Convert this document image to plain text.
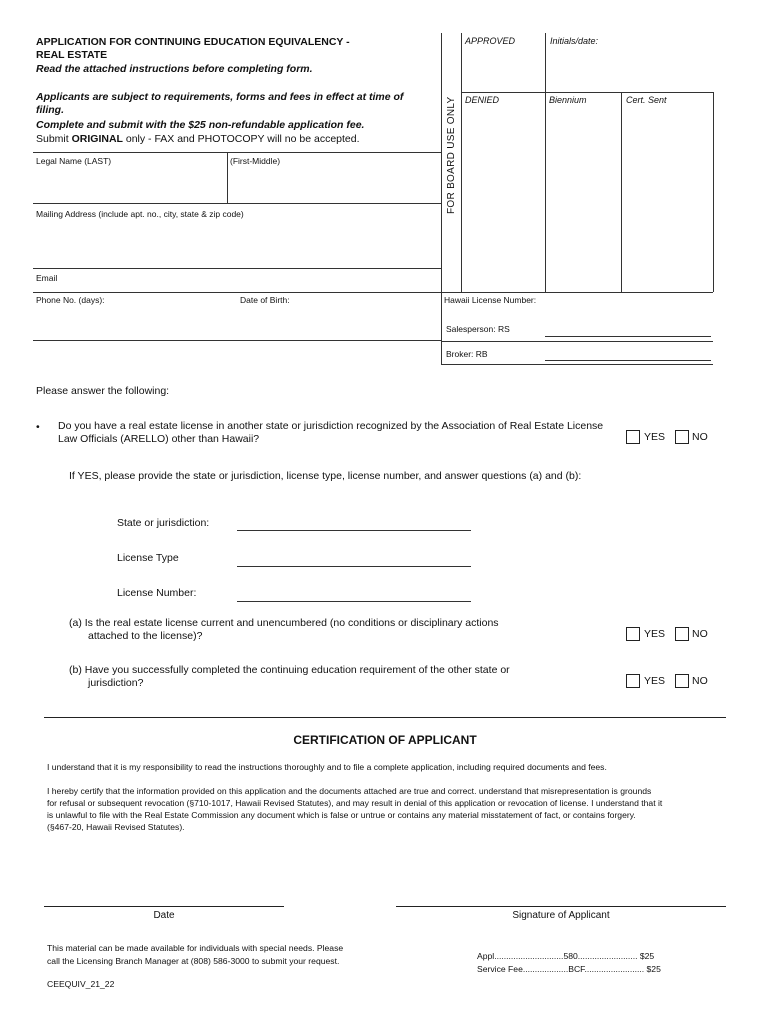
APPLICATION FOR CONTINUING EDUCATION EQUIVALENCY -
REAL ESTATE
Read the attached instructions before completing form.
Applicants are subject to requirements, forms and fees in effect at time of
filing.
Complete and submit with the $25 non-refundable application fee.
Submit ORIGINAL only - FAX and PHOTOCOPY will no be accepted.	FOR BOARD USE ONLY
APPROVED	Initials/date:
DENIED	Biennium	Cert. Sent
Legal Name (LAST)	(First-Middle)
Mailing Address (include apt. no., city, state & zip code)
Email
Phone No. (days):	Date of Birth:	Hawaii License Number:
Salesperson: RS
Broker: RB
Please answer the following:
• Do you have a real estate license in another state or jurisdiction recognized by the Association of Real Estate License
Law Officials (ARELLO) other than Hawaii?	YES	NO
If YES, please provide the state or jurisdiction, license type, license number, and answer questions (a) and (b):
State or jurisdiction:
License Type
License Number:
(a) Is the real estate license current and unencumbered (no conditions or disciplinary actions
attached to the license)?	YES	NO
(b) Have you successfully completed the continuing education requirement of the other state or
jurisdiction?	YES	NO
CERTIFICATION OF APPLICANT
I understand that it is my responsibility to read the instructions thoroughly and to file a complete application, including required documents and fees.
I hereby certify that the information provided on this application and the documents attached are true and correct. understand that misrepresentation is grounds
for refusal or subsequent revocation (§710-1017, Hawaii Revised Statutes), and may result in denial of this application or revocation of license. I understand that it
is unlawful to file with the Real Estate Commission any document which is false or untrue or contains any material misstatement of fact, or contains forgery.
(§467-20, Hawaii Revised Statutes).
Date	Signature of Applicant
This material can be made available for individuals with special needs. Please
call the Licensing Branch Manager at (808) 586-3000 to submit your request.	Appl.............................580......................... $25
Service Fee...................BCF......................... $25
CEEQUIV_21_22
